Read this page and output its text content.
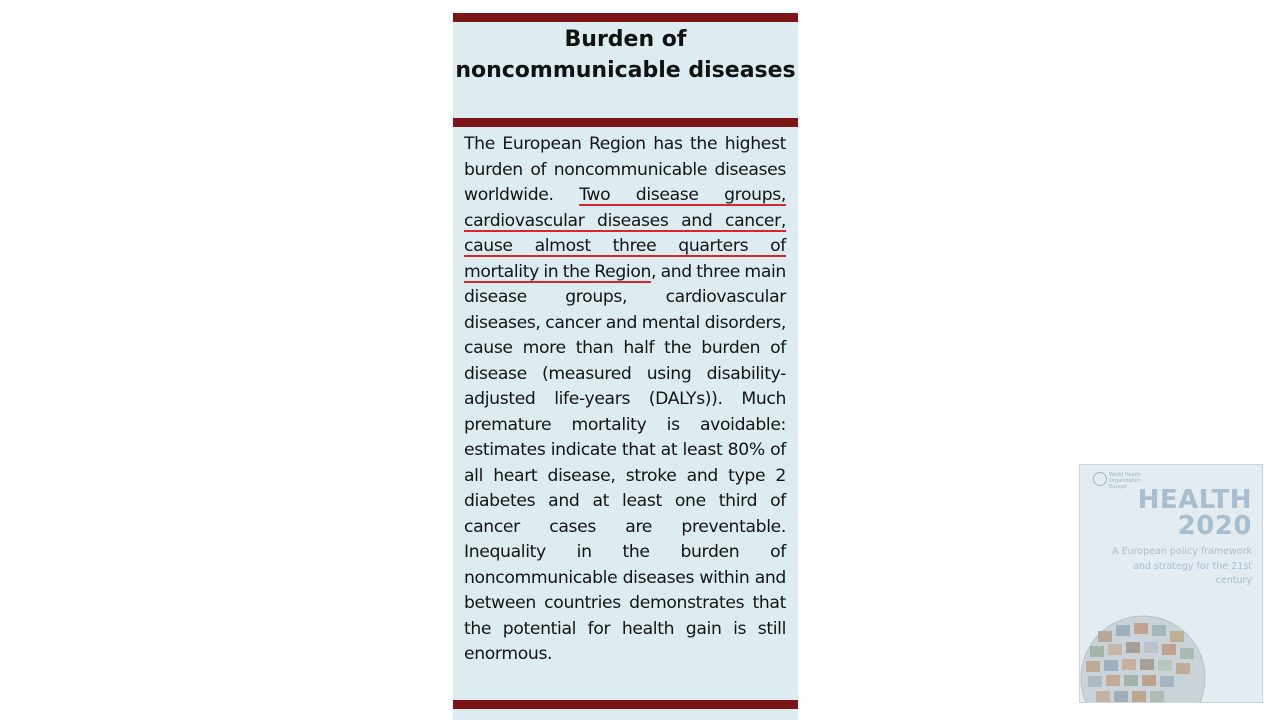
Burden of noncommunicable diseases
The European Region has the highest burden of noncommunicable diseases worldwide. Two disease groups, cardiovascular diseases and cancer, cause almost three quarters of mortality in the Region, and three main disease groups, cardiovascular diseases, cancer and mental disorders, cause more than half the burden of disease (measured using disability-adjusted life-years (DALYs)). Much premature mortality is avoidable: estimates indicate that at least 80% of all heart disease, stroke and type 2 diabetes and at least one third of cancer cases are preventable. Inequality in the burden of noncommunicable diseases within and between countries demonstrates that the potential for health gain is still enormous.
World Health Organization Europe HEALTH
2020
A European policy framework and strategy for the 21st century
